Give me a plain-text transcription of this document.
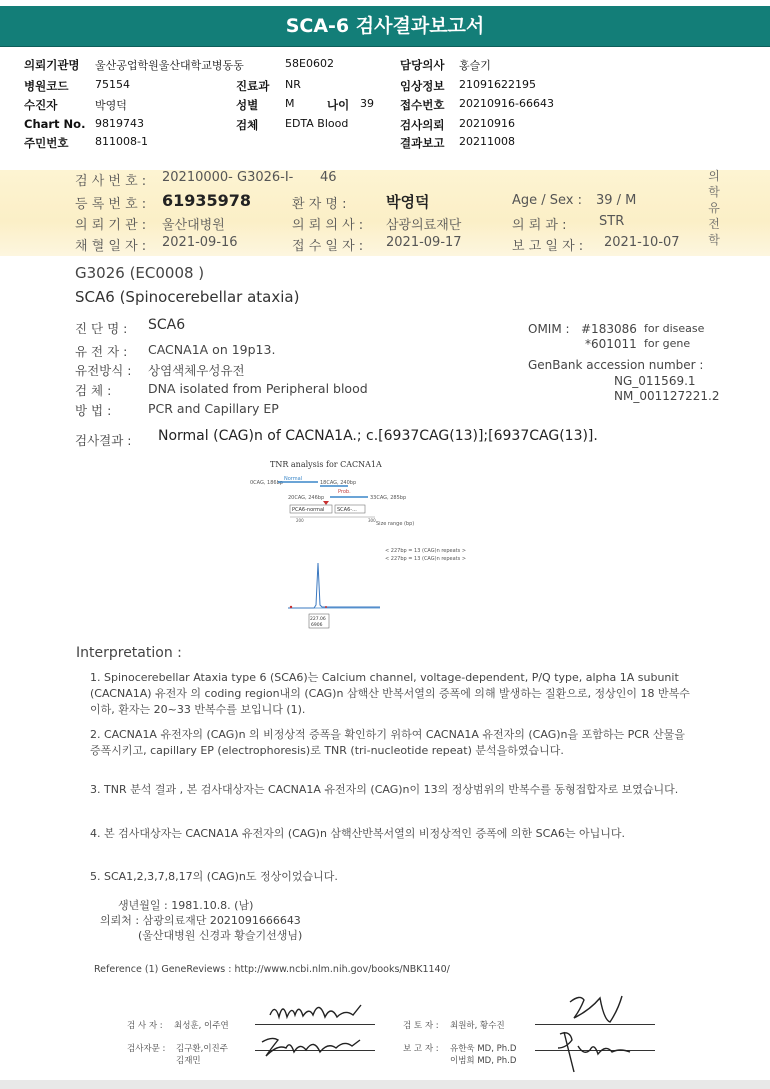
SCA-6 검사결과보고서
의뢰기관명 울산공업학원울산대학교병동동	58E0602	담당의사 홍슬기
병원코드 75154	진료과 NR	임상정보 21091622195
수진자	박영덕	성별 M	나이 39 접수번호 20210916-66643
Chart No. 9819743	검체 EDTA Blood	검사의뢰 20210916
주민번호 811008-1	결과보고 20211008
검 사 번 호 : 20210000- G3026-I- 46
등 록 번 호 : 61935978	환 자 명 :	박영덕	Age / Sex : 39 / M
의 뢰 기 관 : 울산대병원	의 뢰 의 사 : 삼광의료재단	의 뢰 과 :	STR
채 혈 일 자 : 2021-09-16	접 수 일 자 : 2021-09-17	보 고 일 자 : 2021-10-07
의
학
유
전
학
G3026 (EC0008 )
SCA6 (Spinocerebellar ataxia)
진 단 명 : SCA6
유 전 자 : CACNA1A on 19p13.
유전방식 : 상염색체우성유전
검 체 :	DNA isolated from Peripheral blood
방 법 :	PCR and Capillary EP
OMIM : #183086 for disease
*601011 for gene
GenBank accession number :
NG_011569.1
NM_001127221.2
검사결과 : Normal (CAG)n of CACNA1A.; c.[6937CAG(13)];[6937CAG(13)].
TNR analysis for CACNA1A
0CAG, 186bp
Normal
18CAG, 240bp
20CAG, 246bp
Prob.
33CAG, 285bp
PCA6-normal	SCA6-...
200	300
Size range (bp)
< 227bp = 13 (CAG)n repeats >
< 227bp = 13 (CAG)n repeats >
227.06
6906
Interpretation :
1. Spinocerebellar Ataxia type 6 (SCA6)는 Calcium channel, voltage-dependent, P/Q type, alpha 1A subunit (CACNA1A) 유전자 의 coding region내의 (CAG)n 삼핵산 반복서열의 증폭에 의해 발생하는 질환으로, 정상인이 18 반복수 이하, 환자는 20~33 반복수를 보입니다 (1).
2. CACNA1A 유전자의 (CAG)n 의 비정상적 증폭을 확인하기 위하여 CACNA1A 유전자의 (CAG)n을 포함하는 PCR 산물을 증폭시키고, capillary EP (electrophoresis)로 TNR (tri-nucleotide repeat) 분석을하였습니다.
3. TNR 분석 결과 , 본 검사대상자는 CACNA1A 유전자의 (CAG)n이 13의 정상범위의 반복수를 동형접합자로 보였습니다.
4. 본 검사대상자는 CACNA1A 유전자의 (CAG)n 삼핵산반복서열의 비정상적인 증폭에 의한 SCA6는 아닙니다.
5. SCA1,2,3,7,8,17의 (CAG)n도 정상이었습니다.
생년월일 : 1981.10.8. (남)
의뢰처 : 삼광의료재단 2021091666643
(울산대병원 신경과 황슬기선생님)
Reference (1) GeneReviews : http://www.ncbi.nlm.nih.gov/books/NBK1140/
검 사 자 : 최성훈, 이주연	검 토 자 : 최원하, 황수진
검사자문 : 김구환,이진주
김재민
보 고 자 : 유한욱 MD, Ph.D
이범희 MD, Ph.D
